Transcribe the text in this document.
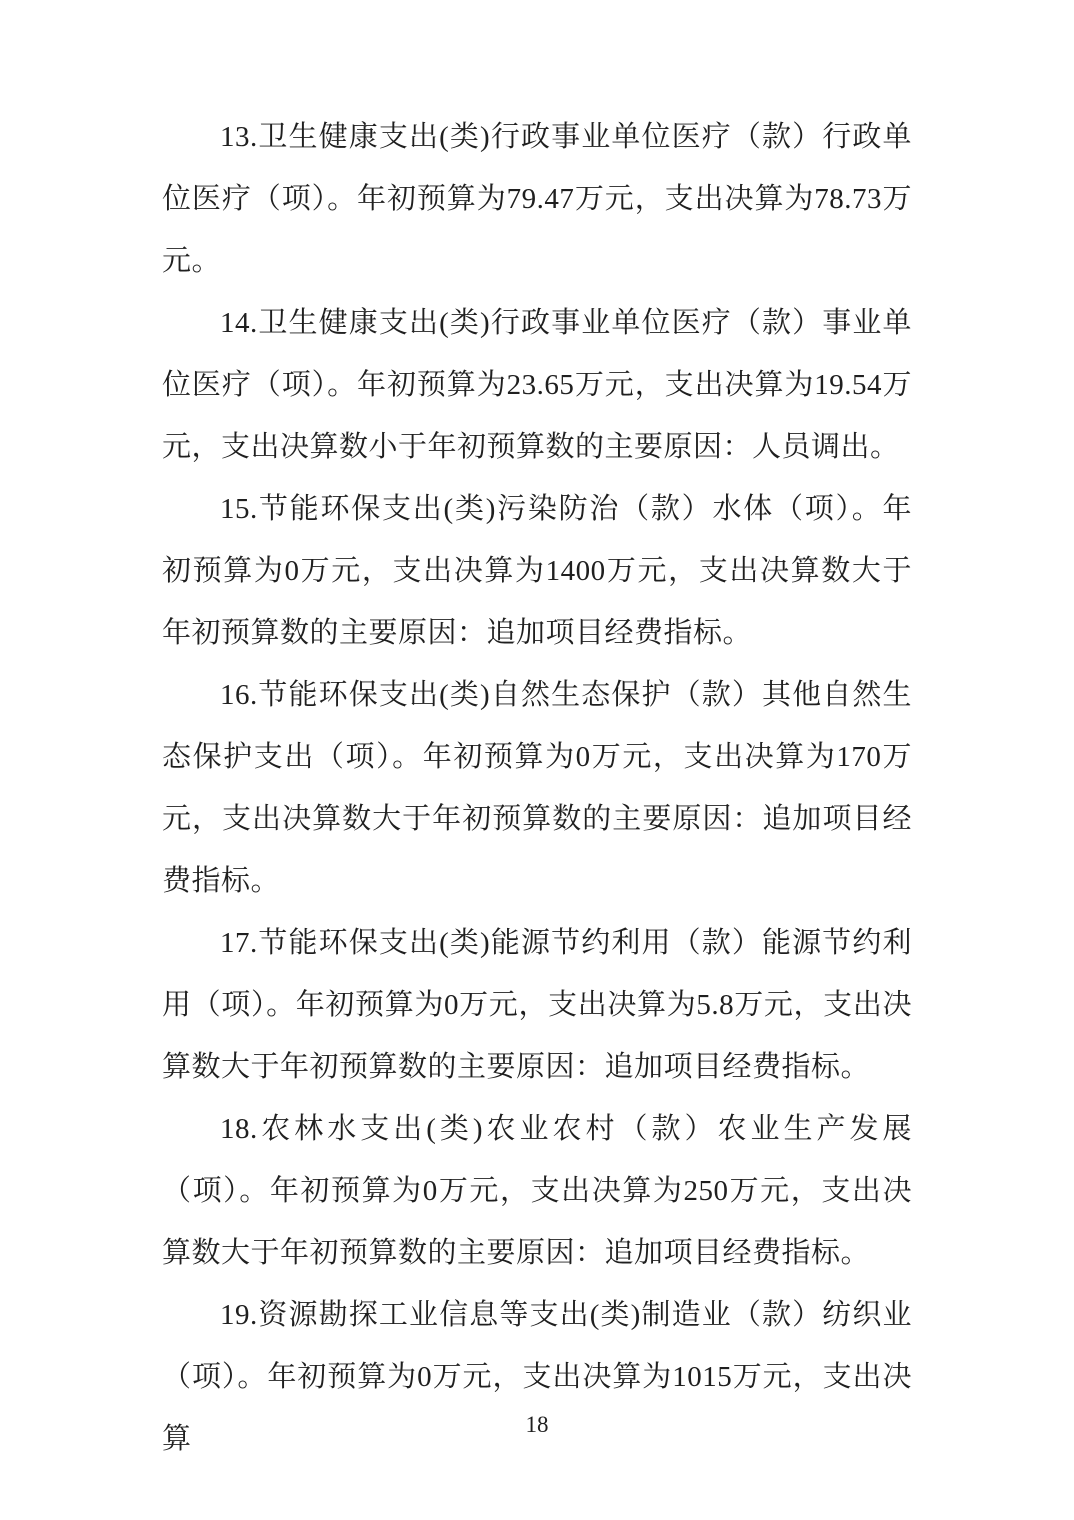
13.卫生健康支出(类)行政事业单位医疗（款）行政单位医疗（项）。年初预算为79.47万元，支出决算为78.73万元。

14.卫生健康支出(类)行政事业单位医疗（款）事业单位医疗（项）。年初预算为23.65万元，支出决算为19.54万元，支出决算数小于年初预算数的主要原因：人员调出。

15.节能环保支出(类)污染防治（款）水体（项）。年初预算为0万元，支出决算为1400万元，支出决算数大于年初预算数的主要原因：追加项目经费指标。

16.节能环保支出(类)自然生态保护（款）其他自然生态保护支出（项）。年初预算为0万元，支出决算为170万元，支出决算数大于年初预算数的主要原因：追加项目经费指标。

17.节能环保支出(类)能源节约利用（款）能源节约利用（项）。年初预算为0万元，支出决算为5.8万元，支出决算数大于年初预算数的主要原因：追加项目经费指标。

18.农林水支出(类)农业农村（款）农业生产发展（项）。年初预算为0万元，支出决算为250万元，支出决算数大于年初预算数的主要原因：追加项目经费指标。

19.资源勘探工业信息等支出(类)制造业（款）纺织业（项）。年初预算为0万元，支出决算为1015万元，支出决算	18
